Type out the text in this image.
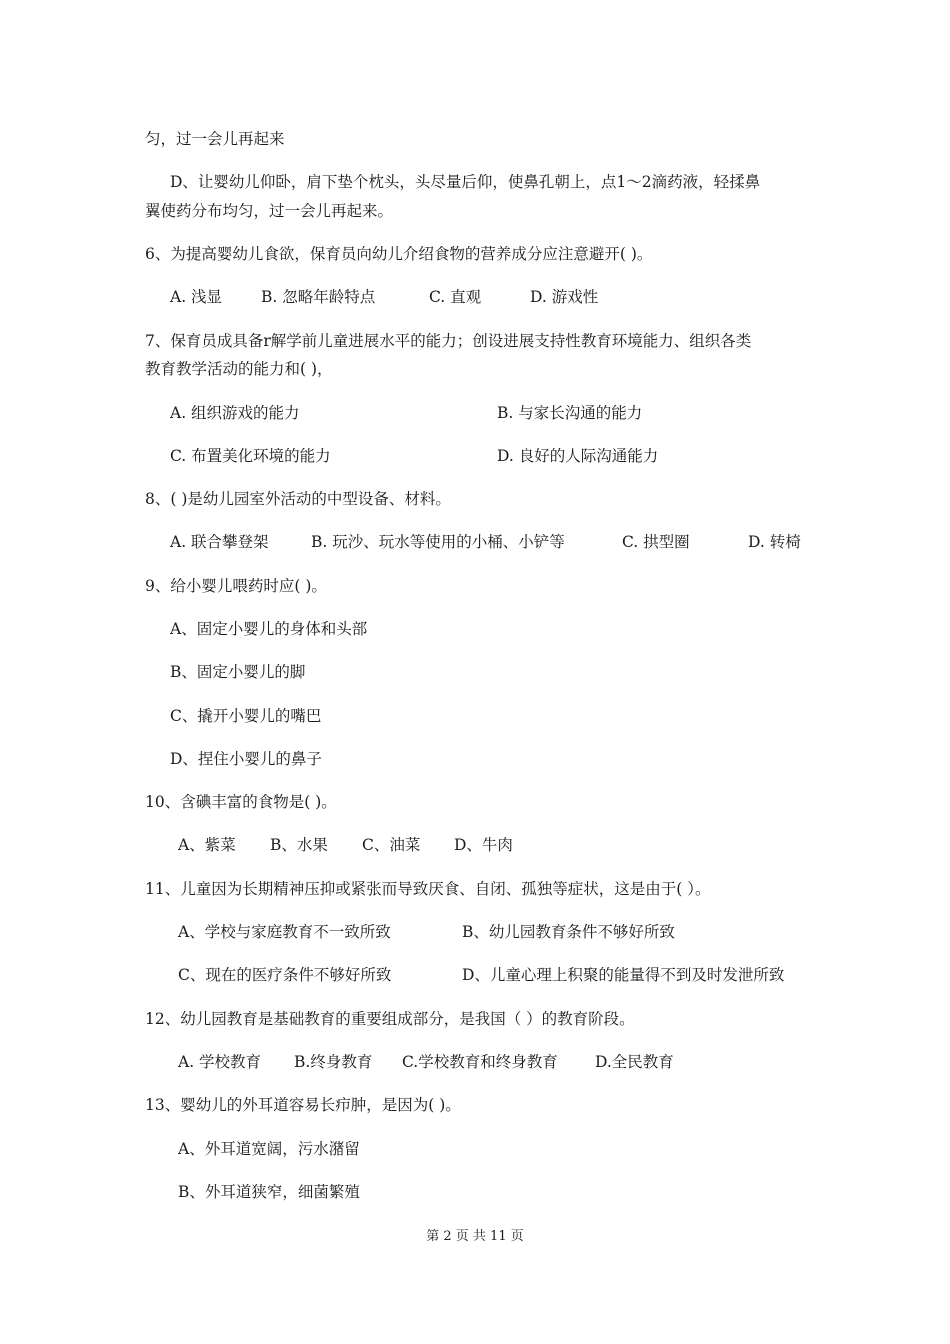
匀，过一会儿再起来
D、让婴幼儿仰卧，肩下垫个枕头，头尽量后仰，使鼻孔朝上，点1～2滴药液，轻揉鼻
翼使药分布均匀，过一会儿再起来。
6、为提高婴幼儿食欲，保育员向幼儿介绍食物的营养成分应注意避开( )。
A. 浅显	B. 忽略年龄特点	C. 直观	D. 游戏性
7、保育员成具备r解学前儿童进展水平的能力；创设进展支持性教育环境能力、组织各类
教育教学活动的能力和( )，
A. 组织游戏的能力	B. 与家长沟通的能力
C. 布置美化环境的能力	D. 良好的人际沟通能力
8、( )是幼儿园室外活动的中型设备、材料。
A. 联合攀登架	B. 玩沙、玩水等使用的小桶、小铲等	C. 拱型圈	D. 转椅
9、给小婴儿喂药时应( )。
A、固定小婴儿的身体和头部
B、固定小婴儿的脚
C、撬开小婴儿的嘴巴
D、捏住小婴儿的鼻子
10、含碘丰富的食物是( )。
A、紫菜 B、水果 C、油菜 D、牛肉
11、儿童因为长期精神压抑或紧张而导致厌食、自闭、孤独等症状，这是由于( ）。
A、学校与家庭教育不一致所致	B、幼儿园教育条件不够好所致
C、现在的医疗条件不够好所致	D、儿童心理上积聚的能量得不到及时发泄所致
12、幼儿园教育是基础教育的重要组成部分，是我国（ ）的教育阶段。
A. 学校教育 B.终身教育 C.学校教育和终身教育 D.全民教育
13、婴幼儿的外耳道容易长疖肿，是因为( )。
A、外耳道宽阔，污水潴留
B、外耳道狭窄，细菌繁殖
第 2 页 共 11 页
